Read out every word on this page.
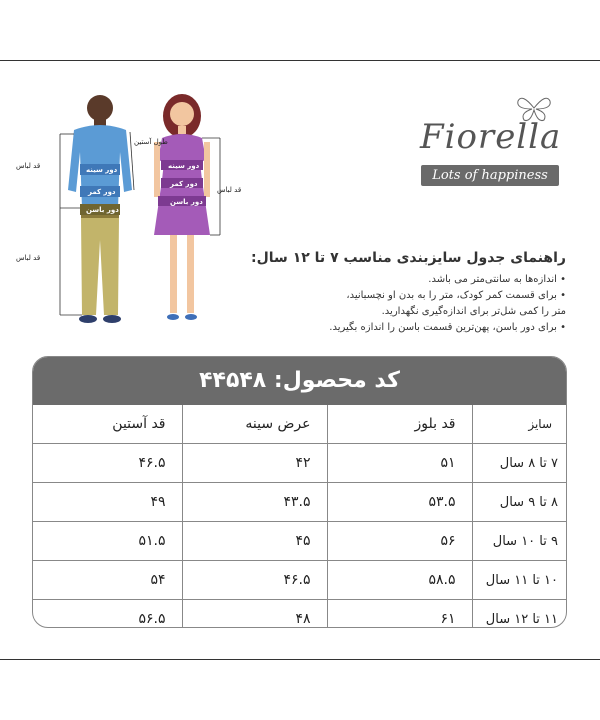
طول آستین
قد لباس
قد لباس
دور سینه
دور کمر
دور باسن
قد لباس
دور سینه
دور کمر
دور باسن
Fiorella
Lots of happiness
راهنمای جدول سایزبندی مناسب ۷ تا ۱۲ سال:
• اندازه‌ها به سانتی‌متر می باشد.
• برای قسمت کمر کودک، متر را به بدن او نچسبانید،
متر را کمی شل‌تر برای اندازه‌گیری نگهدارید.
• برای دور باسن، پهن‌ترین قسمت باسن را اندازه بگیرید.
کد محصول: ۴۴۵۴۸
سایز	قد بلوز	عرض سینه	قد آستین
۷ تا ۸ سال	۵۱	۴۲	۴۶.۵
۸ تا ۹ سال	۵۳.۵	۴۳.۵	۴۹
۹ تا ۱۰ سال	۵۶	۴۵	۵۱.۵
۱۰ تا ۱۱ سال	۵۸.۵	۴۶.۵	۵۴
۱۱ تا ۱۲ سال	۶۱	۴۸	۵۶.۵
